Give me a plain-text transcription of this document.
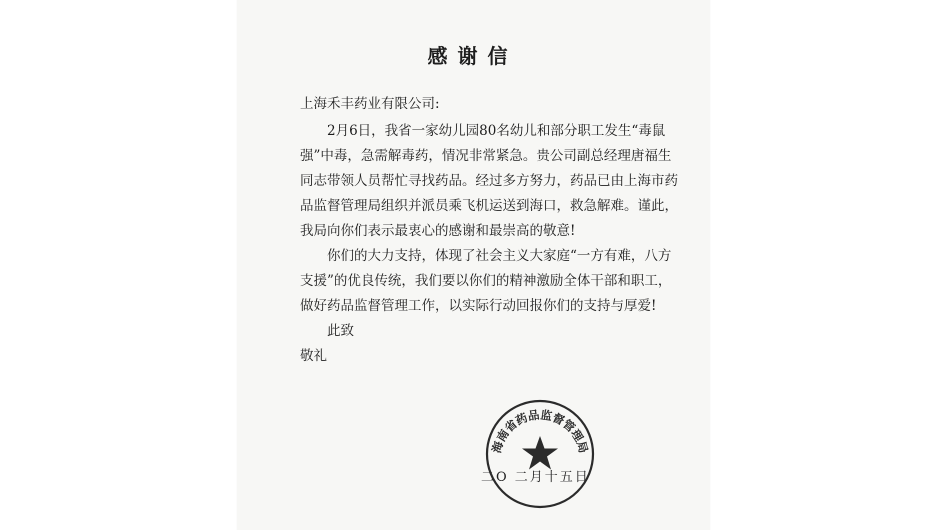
感谢信
上海禾丰药业有限公司:
2月6日，我省一家幼儿园80名幼儿和部分职工发生“毒鼠
强”中毒，急需解毒药，情况非常紧急。贵公司副总经理唐福生
同志带领人员帮忙寻找药品。经过多方努力，药品已由上海市药
品监督管理局组织并派员乘飞机运送到海口，救急解难。谨此，
我局向你们表示最衷心的感谢和最崇高的敬意!
你们的大力支持，体现了社会主义大家庭“一方有难，八方
支援”的优良传统，我们要以你们的精神激励全体干部和职工，
做好药品监督管理工作，以实际行动回报你们的支持与厚爱!
此致
敬礼
二O 二月十五日
海南省药品监督管理局
